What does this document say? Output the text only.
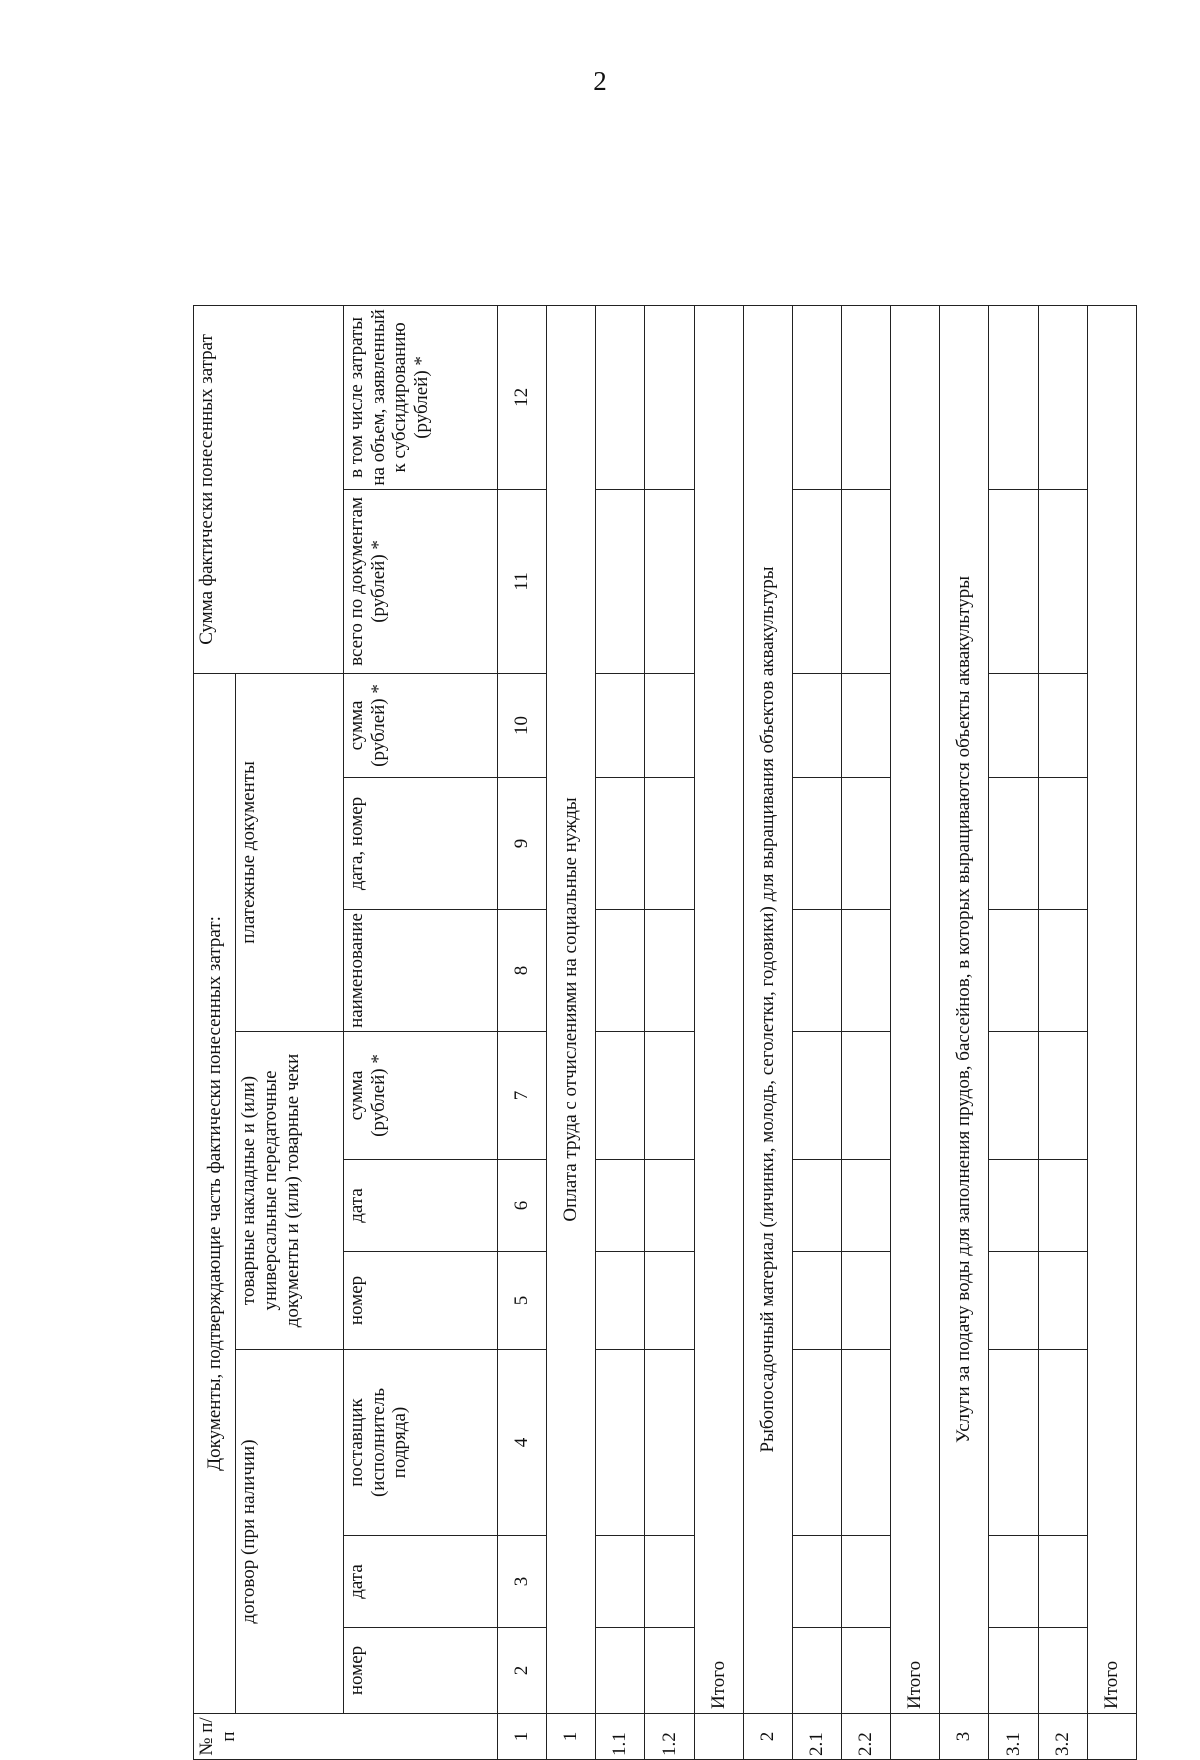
2
№ п/п	Документы, подтверждающие часть фактически понесенных затрат:									Сумма фактически понесенных затрат	
	договор (при наличии)			товарные накладные и (или) универсальные передаточные документы и (или) товарные чеки			платежные документы				
	номер	дата	поставщик (исполнитель подряда)	номер	дата	сумма (рублей) *	наименование	дата, номер	сумма (рублей) *	всего по документам (рублей) *	в том числе затраты на объем, заявленный к субсидированию (рублей) *
1	2	3	4	5	6	7	8	9	10	11	12
1	Оплата труда с отчислениями на социальные нужды										
1.1											
1.2											
	Итого										
2	Рыбопосадочный материал (личинки, молодь, сеголетки, годовики) для выращивания объектов аквакультуры										
2.1											
2.2											
	Итого										
3	Услуги за подачу воды для заполнения прудов, бассейнов, в которых выращиваются объекты аквакультуры										
3.1											
3.2											
	Итого										
